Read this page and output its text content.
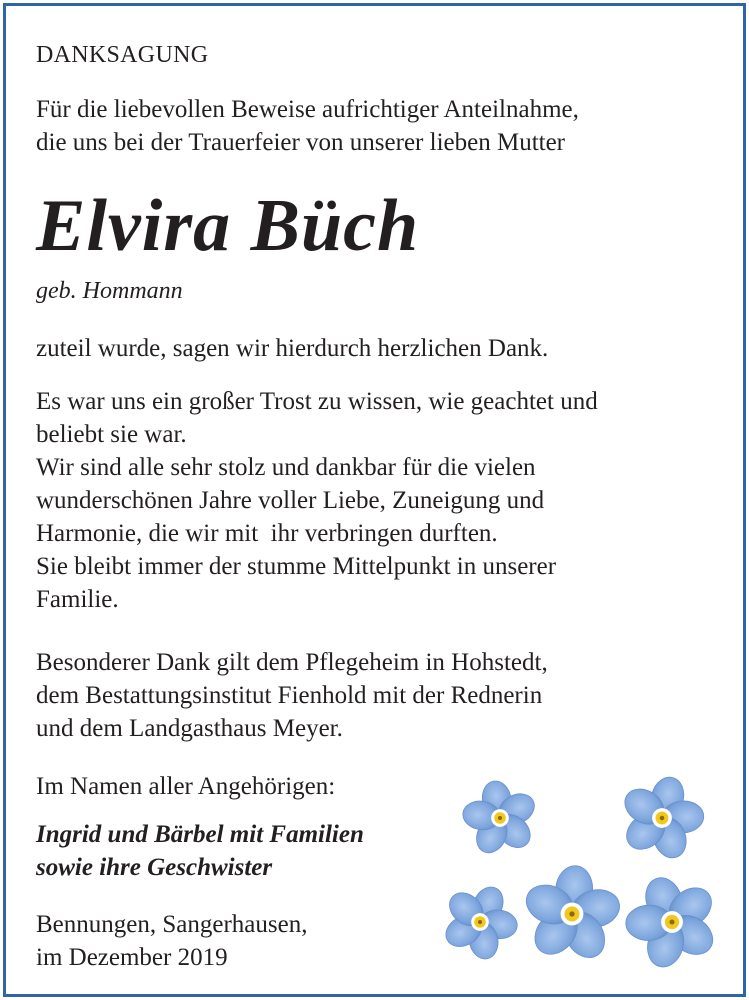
DANKSAGUNG
Für die liebevollen Beweise aufrichtiger Anteilnahme,
die uns bei der Trauerfeier von unserer lieben Mutter
Elvira Büch
geb. Hommann
zuteil wurde, sagen wir hierdurch herzlichen Dank.
Es war uns ein großer Trost zu wissen, wie geachtet und
beliebt sie war.
Wir sind alle sehr stolz und dankbar für die vielen
wunderschönen Jahre voller Liebe, Zuneigung und
Harmonie, die wir mit  ihr verbringen durften.
Sie bleibt immer der stumme Mittelpunkt in unserer
Familie.
Besonderer Dank gilt dem Pflegeheim in Hohstedt,
dem Bestattungsinstitut Fienhold mit der Rednerin
und dem Landgasthaus Meyer.
Im Namen aller Angehörigen:
Ingrid und Bärbel mit Familien
sowie ihre Geschwister
Bennungen, Sangerhausen,
im Dezember 2019
